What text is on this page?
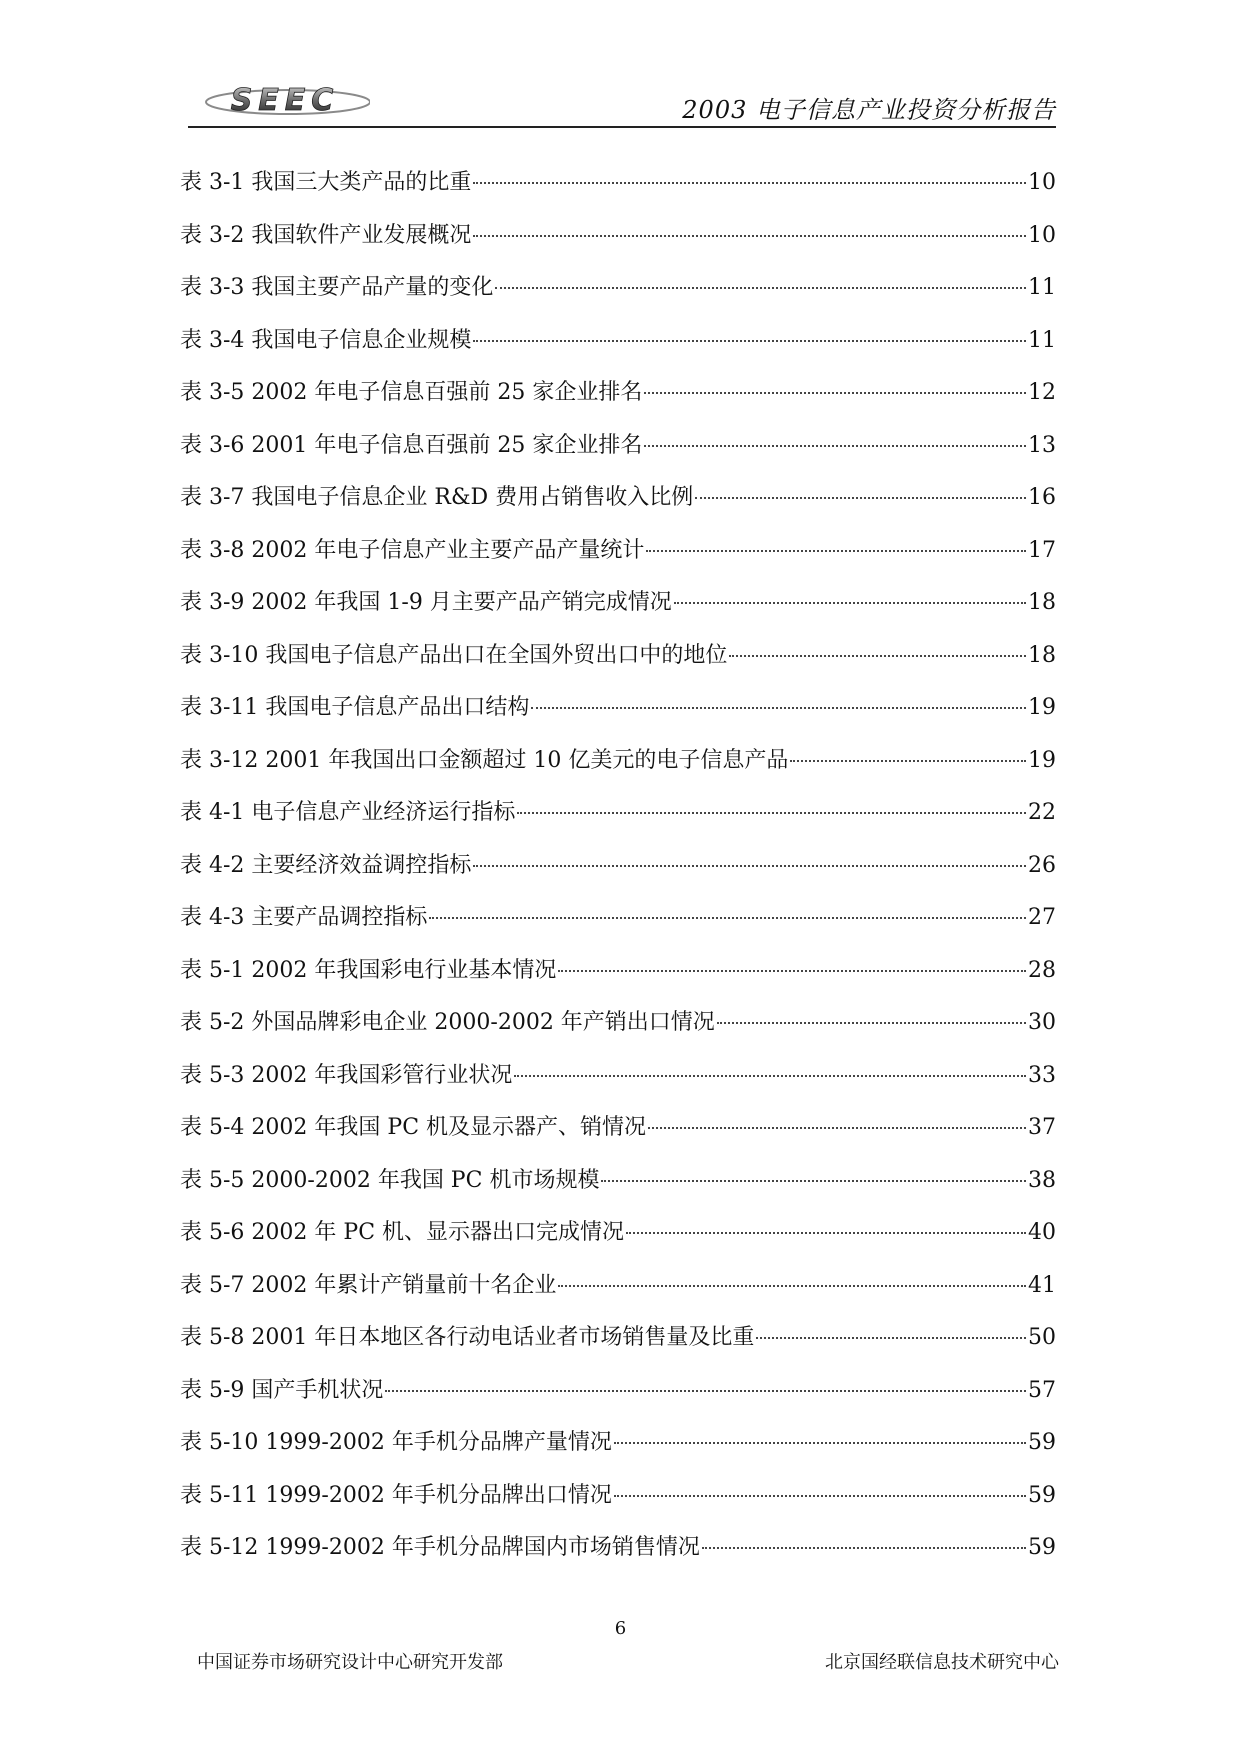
SEEC	2003 电子信息产业投资分析报告
表 3-1 我国三大类产品的比重	10
表 3-2 我国软件产业发展概况	10
表 3-3 我国主要产品产量的变化	11
表 3-4 我国电子信息企业规模	11
表 3-5 2002 年电子信息百强前 25 家企业排名	12
表 3-6 2001 年电子信息百强前 25 家企业排名	13
表 3-7 我国电子信息企业 R&D 费用占销售收入比例	16
表 3-8 2002 年电子信息产业主要产品产量统计	17
表 3-9 2002 年我国 1-9 月主要产品产销完成情况	18
表 3-10 我国电子信息产品出口在全国外贸出口中的地位	18
表 3-11 我国电子信息产品出口结构	19
表 3-12 2001 年我国出口金额超过 10 亿美元的电子信息产品	19
表 4-1 电子信息产业经济运行指标	22
表 4-2 主要经济效益调控指标	26
表 4-3 主要产品调控指标	27
表 5-1 2002 年我国彩电行业基本情况	28
表 5-2 外国品牌彩电企业 2000-2002 年产销出口情况	30
表 5-3 2002 年我国彩管行业状况	33
表 5-4 2002 年我国 PC 机及显示器产、销情况	37
表 5-5 2000-2002 年我国 PC 机市场规模	38
表 5-6 2002 年 PC 机、显示器出口完成情况	40
表 5-7 2002 年累计产销量前十名企业	41
表 5-8 2001 年日本地区各行动电话业者市场销售量及比重	50
表 5-9 国产手机状况	57
表 5-10 1999-2002 年手机分品牌产量情况	59
表 5-11 1999-2002 年手机分品牌出口情况	59
表 5-12 1999-2002 年手机分品牌国内市场销售情况	59
6
中国证券市场研究设计中心研究开发部	北京国经联信息技术研究中心
